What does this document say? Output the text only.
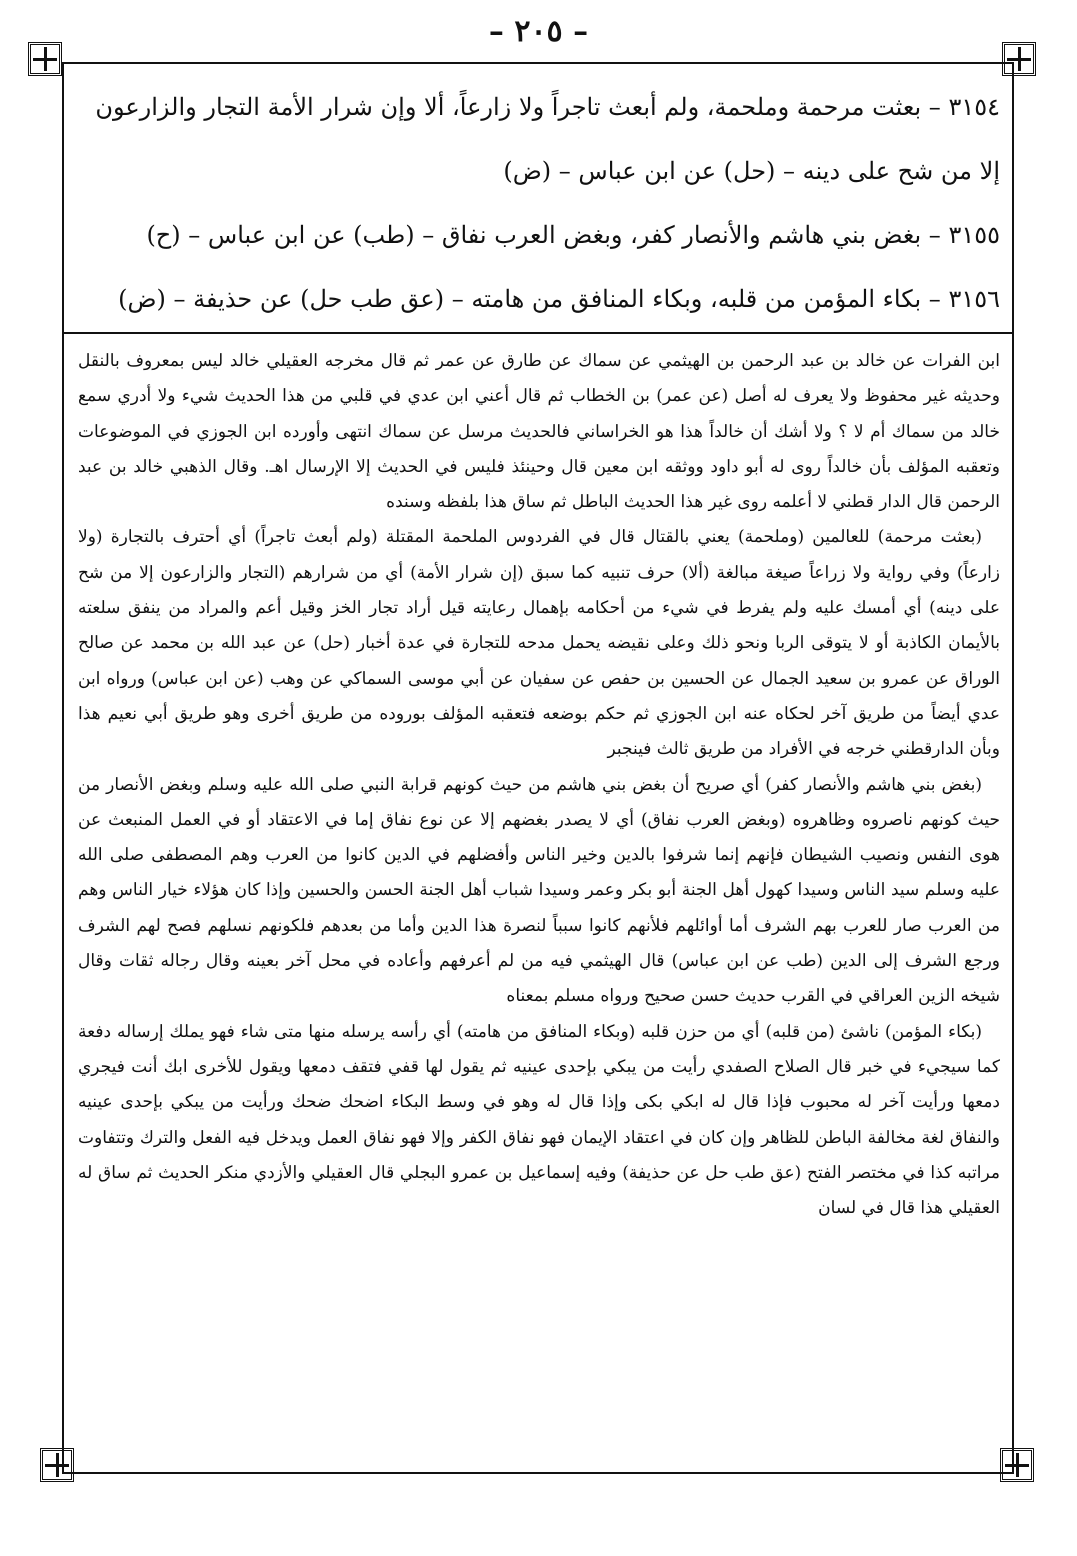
– ٢٠٥ –

٣١٥٤ – بعثت مرحمة وملحمة، ولم أبعث تاجراً ولا زارعاً، ألا وإن شرار الأمة التجار والزارعون إلا من شح على دينه – (حل) عن ابن عباس – (ض)

٣١٥٥ – بغض بني هاشم والأنصار كفر، وبغض العرب نفاق – (طب) عن ابن عباس – (ح)

٣١٥٦ – بكاء المؤمن من قلبه، وبكاء المنافق من هامته – (عق طب حل) عن حذيفة – (ض)

ابن الفرات عن خالد بن عبد الرحمن بن الهيثمي عن سماك عن طارق عن عمر ثم قال مخرجه العقيلي خالد ليس بمعروف بالنقل وحديثه غير محفوظ ولا يعرف له أصل (عن عمر) بن الخطاب ثم قال أعني ابن عدي في قلبي من هذا الحديث شيء ولا أدري سمع خالد من سماك أم لا ؟ ولا أشك أن خالداً هذا هو الخراساني فالحديث مرسل عن سماك انتهى وأورده ابن الجوزي في الموضوعات وتعقبه المؤلف بأن خالداً روى له أبو داود ووثقه ابن معين قال وحينئذ فليس في الحديث إلا الإرسال اهـ. وقال الذهبي خالد بن عبد الرحمن قال الدار قطني لا أعلمه روى غير هذا الحديث الباطل ثم ساق هذا بلفظه وسنده

(بعثت مرحمة) للعالمين (وملحمة) يعني بالقتال قال في الفردوس الملحمة المقتلة (ولم أبعث تاجراً) أي أحترف بالتجارة (ولا زارعاً) وفي رواية ولا زراعاً صيغة مبالغة (ألا) حرف تنبيه كما سبق (إن شرار الأمة) أي من شرارهم (التجار والزارعون إلا من شح على دينه) أي أمسك عليه ولم يفرط في شيء من أحكامه بإهمال رعايته قيل أراد تجار الخز وقيل أعم والمراد من ينفق سلعته بالأيمان الكاذبة أو لا يتوقى الربا ونحو ذلك وعلى نقيضه يحمل مدحه للتجارة في عدة أخبار (حل) عن عبد الله بن محمد عن صالح الوراق عن عمرو بن سعيد الجمال عن الحسين بن حفص عن سفيان عن أبي موسى السماكي عن وهب (عن ابن عباس) ورواه ابن عدي أيضاً من طريق آخر لحكاه عنه ابن الجوزي ثم حكم بوضعه فتعقبه المؤلف بوروده من طريق أخرى وهو طريق أبي نعيم هذا وبأن الدارقطني خرجه في الأفراد من طريق ثالث فينجبر

(بغض بني هاشم والأنصار كفر) أي صريح أن بغض بني هاشم من حيث كونهم قرابة النبي صلى الله عليه وسلم وبغض الأنصار من حيث كونهم ناصروه وظاهروه (وبغض العرب نفاق) أي لا يصدر بغضهم إلا عن نوع نفاق إما في الاعتقاد أو في العمل المنبعث عن هوى النفس ونصيب الشيطان فإنهم إنما شرفوا بالدين وخير الناس وأفضلهم في الدين كانوا من العرب وهم المصطفى صلى الله عليه وسلم سيد الناس وسيدا كهول أهل الجنة أبو بكر وعمر وسيدا شباب أهل الجنة الحسن والحسين وإذا كان هؤلاء خيار الناس وهم من العرب صار للعرب بهم الشرف أما أوائلهم فلأنهم كانوا سبباً لنصرة هذا الدين وأما من بعدهم فلكونهم نسلهم فصح لهم الشرف ورجع الشرف إلى الدين (طب عن ابن عباس) قال الهيثمي فيه من لم أعرفهم وأعاده في محل آخر بعينه وقال رجاله ثقات وقال شيخه الزين العراقي في القرب حديث حسن صحيح ورواه مسلم بمعناه

(بكاء المؤمن) ناشئ (من قلبه) أي من حزن قلبه (وبكاء المنافق من هامته) أي رأسه يرسله منها متى شاء فهو يملك إرساله دفعة كما سيجيء في خبر قال الصلاح الصفدي رأيت من يبكي بإحدى عينيه ثم يقول لها قفي فتقف دمعها ويقول للأخرى ابك أنت فيجري دمعها ورأيت آخر له محبوب فإذا قال له ابكي بكى وإذا قال له وهو في وسط البكاء اضحك ضحك ورأيت من يبكي بإحدى عينيه والنفاق لغة مخالفة الباطن للظاهر وإن كان في اعتقاد الإيمان فهو نفاق الكفر وإلا فهو نفاق العمل ويدخل فيه الفعل والترك وتتفاوت مراتبه كذا في مختصر الفتح (عق طب حل عن حذيفة) وفيه إسماعيل بن عمرو البجلي قال العقيلي والأزدي منكر الحديث ثم ساق له العقيلي هذا قال في لسان
